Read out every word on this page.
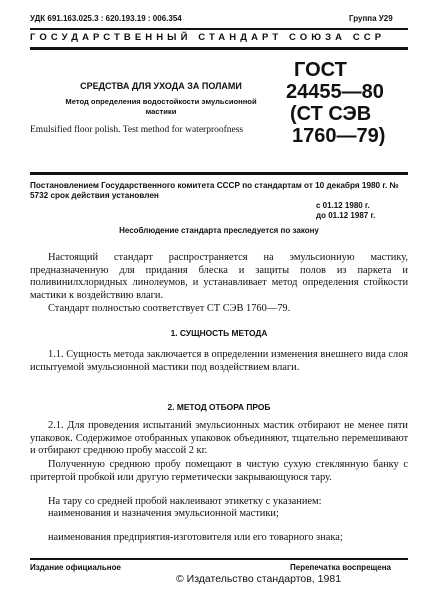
УДК 691.163.025.3 : 620.193.19 : 006.354	Группа У29
ГОСУДАРСТВЕННЫЙ СТАНДАРТ СОЮЗА ССР
СРЕДСТВА ДЛЯ УХОДА ЗА ПОЛАМИ
Метод определения водостойкости эмульсионной мастики
Emulsified floor polish. Test method for waterproofness
ГОСТ
24455—80
(СТ СЭВ
1760—79)
Постановлением Государственного комитета СССР по стандартам от 10 декабря 1980 г. № 5732 срок действия установлен
с 01.12 1980 г.
до 01.12 1987 г.
Несоблюдение стандарта преследуется по закону
Настоящий стандарт распространяется на эмульсионную мастику, предназначенную для придания блеска и защиты полов из паркета и поливинилхлоридных линолеумов, и устанавливает метод определения стойкости мастики к воздействию влаги.
Стандарт полностью соответствует СТ СЭВ 1760—79.
1. СУЩНОСТЬ МЕТОДА
1.1. Сущность метода заключается в определении изменения внешнего вида слоя испытуемой эмульсионной мастики под воздействием влаги.
2. МЕТОД ОТБОРА ПРОБ
2.1. Для проведения испытаний эмульсионных мастик отбирают не менее пяти упаковок. Содержимое отобранных упаковок объединяют, тщательно перемешивают и отбирают среднюю пробу массой 2 кг.
Полученную среднюю пробу помещают в чистую сухую стеклянную банку с притертой пробкой или другую герметически закрывающуюся тару.
На тару со средней пробой наклеивают этикетку с указанием:
наименования и назначения эмульсионной мастики;
наименования предприятия-изготовителя или его товарного знака;
Издание официальное	Перепечатка воспрещена
© Издательство стандартов, 1981
